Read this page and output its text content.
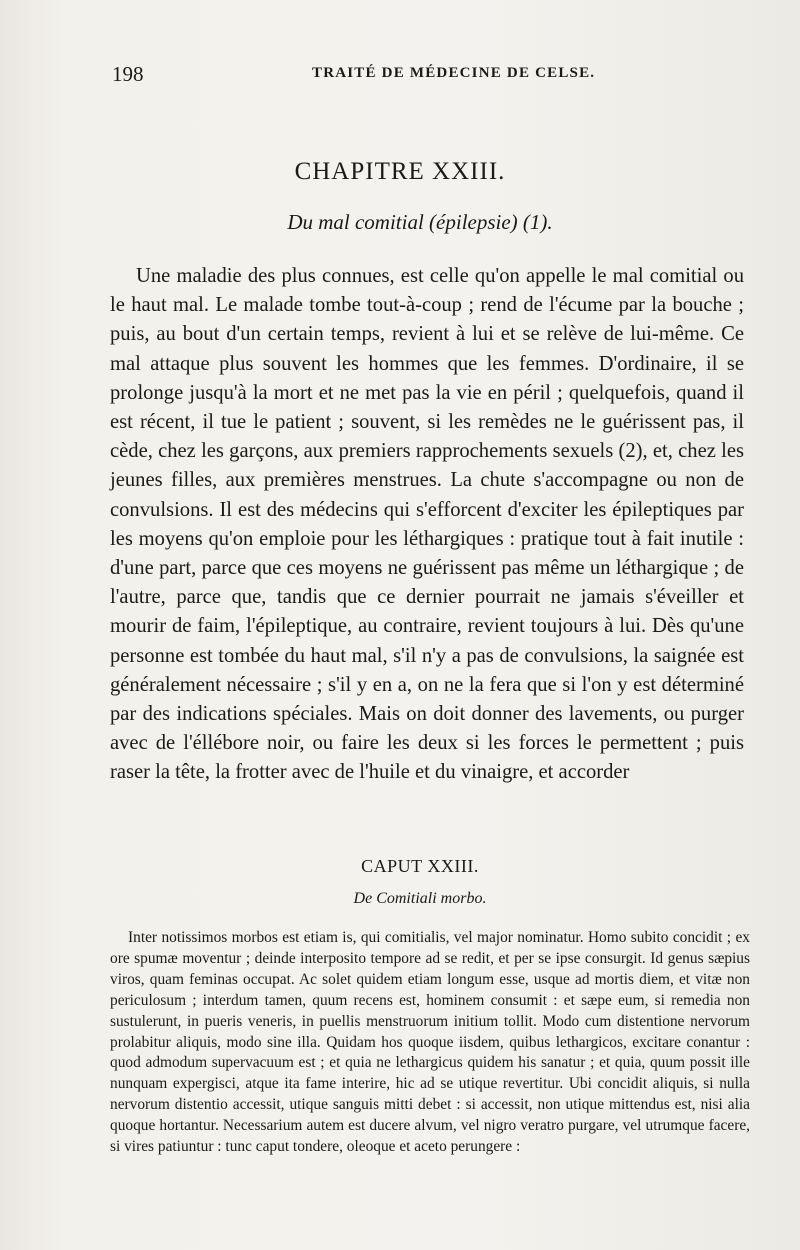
198	TRAITÉ DE MÉDECINE DE CELSE.
CHAPITRE XXIII.
Du mal comitial (épilepsie) (1).

Une maladie des plus connues, est celle qu'on appelle le mal comitial ou le haut mal. Le malade tombe tout-à-coup ; rend de l'écume par la bouche ; puis, au bout d'un certain temps, revient à lui et se relève de lui-même. Ce mal attaque plus souvent les hommes que les femmes. D'ordinaire, il se prolonge jusqu'à la mort et ne met pas la vie en péril ; quelquefois, quand il est récent, il tue le patient ; souvent, si les remèdes ne le guérissent pas, il cède, chez les garçons, aux premiers rapprochements sexuels (2), et, chez les jeunes filles, aux premières menstrues. La chute s'accompagne ou non de convulsions. Il est des médecins qui s'efforcent d'exciter les épileptiques par les moyens qu'on emploie pour les léthargiques : pratique tout à fait inutile : d'une part, parce que ces moyens ne guérissent pas même un léthargique ; de l'autre, parce que, tandis que ce dernier pourrait ne jamais s'éveiller et mourir de faim, l'épileptique, au contraire, revient toujours à lui. Dès qu'une personne est tombée du haut mal, s'il n'y a pas de convulsions, la saignée est généralement nécessaire ; s'il y en a, on ne la fera que si l'on y est déterminé par des indications spéciales. Mais on doit donner des lavements, ou purger avec de l'éllébore noir, ou faire les deux si les forces le permettent ; puis raser la tête, la frotter avec de l'huile et du vinaigre, et accorder

CAPUT XXIII.
De Comitiali morbo.

Inter notissimos morbos est etiam is, qui comitialis, vel major nominatur. Homo subito concidit ; ex ore spumæ moventur ; deinde interposito tempore ad se redit, et per se ipse consurgit. Id genus sæpius viros, quam feminas occupat. Ac solet quidem etiam longum esse, usque ad mortis diem, et vitæ non periculosum ; interdum tamen, quum recens est, hominem consumit : et sæpe eum, si remedia non sustulerunt, in pueris veneris, in puellis menstruorum initium tollit. Modo cum distentione nervorum prolabitur aliquis, modo sine illa. Quidam hos quoque iisdem, quibus lethargicos, excitare conantur : quod admodum supervacuum est ; et quia ne lethargicus quidem his sanatur ; et quia, quum possit ille nunquam expergisci, atque ita fame interire, hic ad se utique revertitur. Ubi concidit aliquis, si nulla nervorum distentio accessit, utique sanguis mitti debet : si accessit, non utique mittendus est, nisi alia quoque hortantur. Necessarium autem est ducere alvum, vel nigro veratro purgare, vel utrumque facere, si vires patiuntur : tunc caput tondere, oleoque et aceto perungere :
